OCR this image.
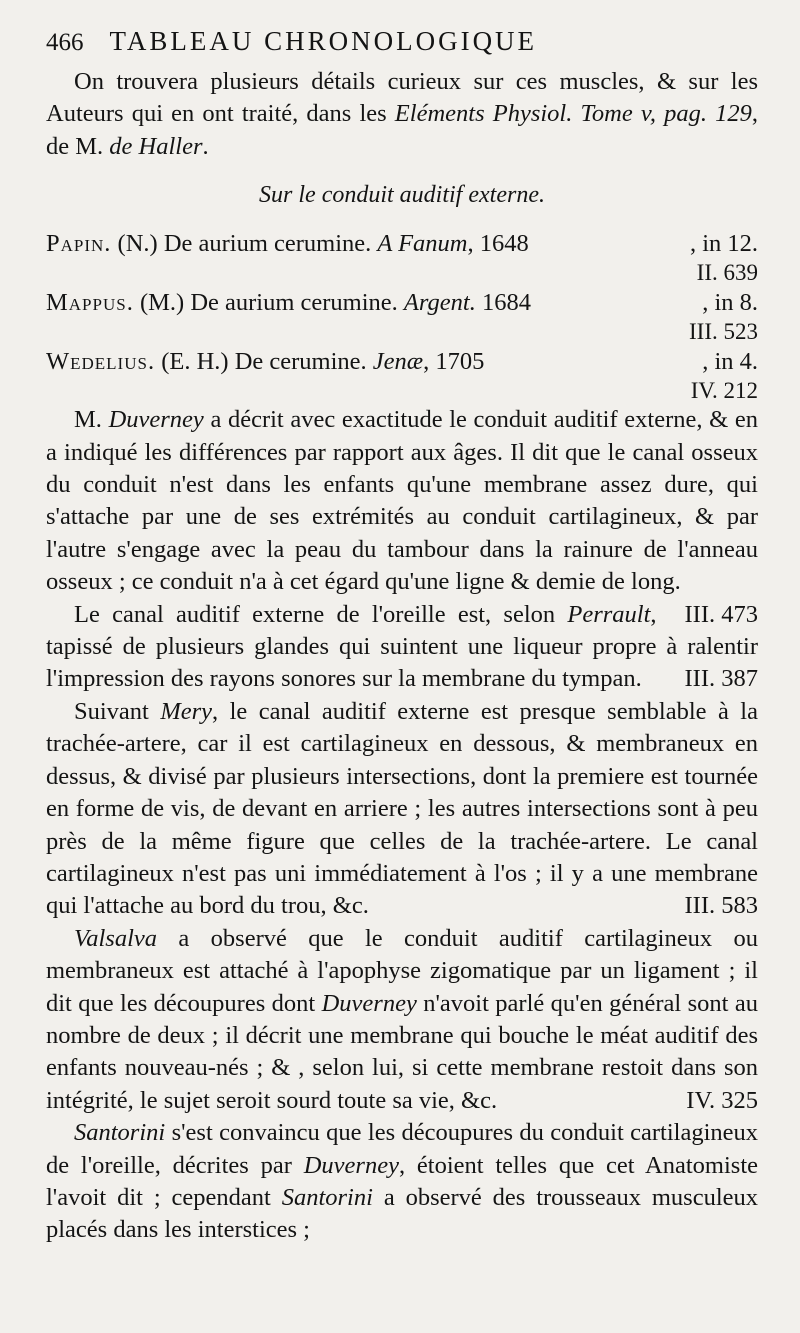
466 TABLEAU CHRONOLOGIQUE

On trouvera plusieurs détails curieux sur ces muscles, & sur les Auteurs qui en ont traité, dans les Eléments Physiol. Tome v, pag. 129, de M. de Haller.

Sur le conduit auditif externe.
Papin. (N.) De aurium cerumine. A Fanum, 1648	, in 12.
II. 639
Mappus. (M.) De aurium cerumine. Argent. 1684	, in 8.
III. 523
Wedelius. (E. H.) De cerumine. Jenæ, 1705	, in 4.
IV. 212

M. Duverney a décrit avec exactitude le conduit auditif externe, & en a indiqué les différences par rapport aux âges. Il dit que le canal osseux du conduit n'est dans les enfants qu'une membrane assez dure, qui s'attache par une de ses extrémités au conduit cartilagineux, & par l'autre s'engage avec la peau du tambour dans la rainure de l'anneau osseux ; ce conduit n'a à cet égard qu'une ligne & demie de long.
III. 473

Le canal auditif externe de l'oreille est, selon Perrault, tapissé de plusieurs glandes qui suintent une liqueur propre à ralentir l'impression des rayons sonores sur la membrane du tympan.	III. 387

Suivant Mery, le canal auditif externe est presque semblable à la trachée-artere, car il est cartilagineux en dessous, & membraneux en dessus, & divisé par plusieurs intersections, dont la premiere est tournée en forme de vis, de devant en arriere ; les autres intersections sont à peu près de la même figure que celles de la trachée-artere. Le canal cartilagineux n'est pas uni immédiatement à l'os ; il y a une membrane qui l'attache au bord du trou, &c.	III. 583

Valsalva a observé que le conduit auditif cartilagineux ou membraneux est attaché à l'apophyse zigomatique par un ligament ; il dit que les découpures dont Duverney n'avoit parlé qu'en général sont au nombre de deux ; il décrit une membrane qui bouche le méat auditif des enfants nouveau-nés ; & , selon lui, si cette membrane restoit dans son intégrité, le sujet seroit sourd toute sa vie, &c.	IV. 325

Santorini s'est convaincu que les découpures du conduit cartilagineux de l'oreille, décrites par Duverney, étoient telles que cet Anatomiste l'avoit dit ; cependant Santorini a observé des trousseaux musculeux placés dans les interstices ;
